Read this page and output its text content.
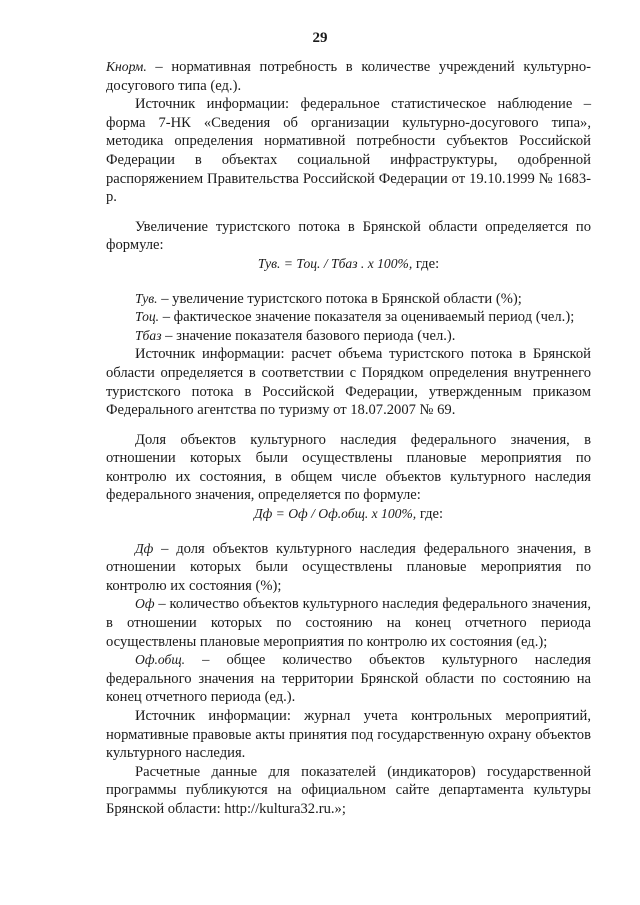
29

Кнорм. – нормативная потребность в количестве учреждений культурно-досугового типа (ед.).

Источник информации: федеральное статистическое наблюдение – форма 7-НК «Сведения об организации культурно-досугового типа», методика определения нормативной потребности субъектов Российской Федерации в объектах социальной инфраструктуры, одобренной распоряжением Правительства Российской Федерации от 19.10.1999 № 1683-р.

Увеличение туристского потока в Брянской области определяется по формуле:

Тув. = Тоц. / Тбаз . х 100%, где:

Тув. – увеличение туристского потока в Брянской области (%);

Тоц. – фактическое значение показателя за оцениваемый период (чел.);

Тбаз – значение показателя базового периода (чел.).

Источник информации: расчет объема туристского потока в Брянской области определяется в соответствии с Порядком определения внутреннего туристского потока в Российской Федерации, утвержденным приказом Федерального агентства по туризму от 18.07.2007 № 69.

Доля объектов культурного наследия федерального значения, в отношении которых были осуществлены плановые мероприятия по контролю их состояния, в общем числе объектов культурного наследия федерального значения, определяется по формуле:

Дф = Оф / Оф.общ. х 100%, где:

Дф – доля объектов культурного наследия федерального значения, в отношении которых были осуществлены плановые мероприятия по контролю их состояния (%);

Оф – количество объектов культурного наследия федерального значения, в отношении которых по состоянию на конец отчетного периода осуществлены плановые мероприятия по контролю их состояния (ед.);

Оф.общ. – общее количество объектов культурного наследия федерального значения на территории Брянской области по состоянию на конец отчетного периода (ед.).

Источник информации: журнал учета контрольных мероприятий, нормативные правовые акты принятия под государственную охрану объектов культурного наследия.

Расчетные данные для показателей (индикаторов) государственной программы публикуются на официальном сайте департамента культуры Брянской области: http://kultura32.ru.»;
